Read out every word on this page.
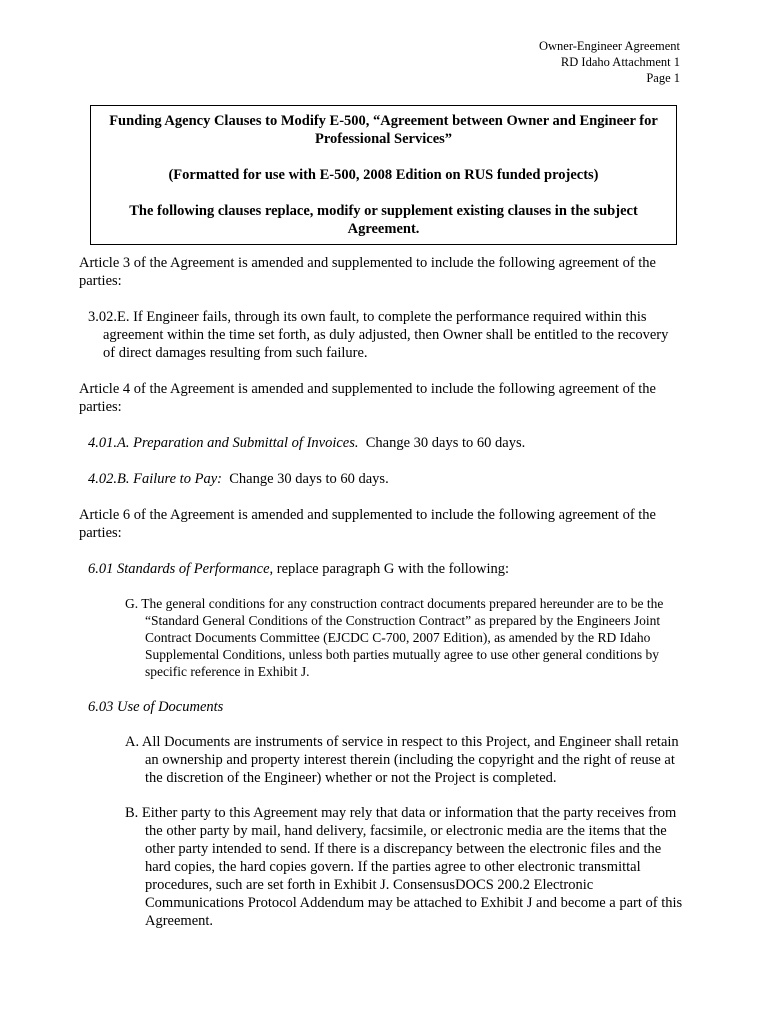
Owner-Engineer Agreement
RD Idaho Attachment 1
Page 1

Funding Agency Clauses to Modify E-500, “Agreement between Owner and Engineer for Professional Services”

(Formatted for use with E-500, 2008 Edition on RUS funded projects)

The following clauses replace, modify or supplement existing clauses in the subject Agreement.

Article 3 of the Agreement is amended and supplemented to include the following agreement of the parties:

3.02.E. If Engineer fails, through its own fault, to complete the performance required within this agreement within the time set forth, as duly adjusted, then Owner shall be entitled to the recovery of direct damages resulting from such failure.

Article 4 of the Agreement is amended and supplemented to include the following agreement of the parties:

4.01.A. Preparation and Submittal of Invoices. Change 30 days to 60 days.

4.02.B. Failure to Pay: Change 30 days to 60 days.

Article 6 of the Agreement is amended and supplemented to include the following agreement of the parties:

6.01 Standards of Performance, replace paragraph G with the following:

G. The general conditions for any construction contract documents prepared hereunder are to be the “Standard General Conditions of the Construction Contract” as prepared by the Engineers Joint Contract Documents Committee (EJCDC C-700, 2007 Edition), as amended by the RD Idaho Supplemental Conditions, unless both parties mutually agree to use other general conditions by specific reference in Exhibit J.

6.03 Use of Documents

A. All Documents are instruments of service in respect to this Project, and Engineer shall retain an ownership and property interest therein (including the copyright and the right of reuse at the discretion of the Engineer) whether or not the Project is completed.

B. Either party to this Agreement may rely that data or information that the party receives from the other party by mail, hand delivery, facsimile, or electronic media are the items that the other party intended to send. If there is a discrepancy between the electronic files and the hard copies, the hard copies govern. If the parties agree to other electronic transmittal procedures, such are set forth in Exhibit J. ConsensusDOCS 200.2 Electronic Communications Protocol Addendum may be attached to Exhibit J and become a part of this Agreement.
